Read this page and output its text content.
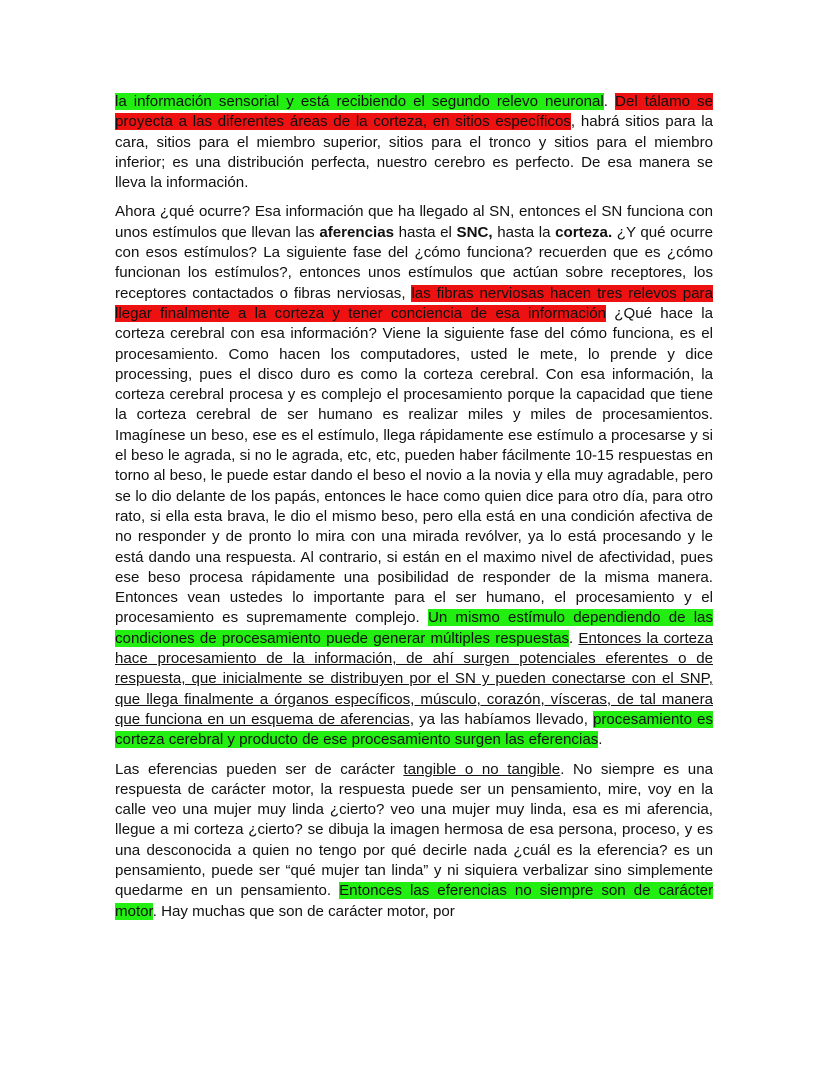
la información sensorial y está recibiendo el segundo relevo neuronal. Del tálamo se proyecta a las diferentes áreas de la corteza, en sitios específicos, habrá sitios para la cara, sitios para el miembro superior, sitios para el tronco y sitios para el miembro inferior; es una distribución perfecta, nuestro cerebro es perfecto. De esa manera se lleva la información.

Ahora ¿qué ocurre? Esa información que ha llegado al SN, entonces el SN funciona con unos estímulos que llevan las aferencias hasta el SNC, hasta la corteza. ¿Y qué ocurre con esos estímulos? La siguiente fase del ¿cómo funciona? recuerden que es ¿cómo funcionan los estímulos?, entonces unos estímulos que actúan sobre receptores, los receptores contactados o fibras nerviosas, las fibras nerviosas hacen tres relevos para llegar finalmente a la corteza y tener conciencia de esa información ¿Qué hace la corteza cerebral con esa información? Viene la siguiente fase del cómo funciona, es el procesamiento. Como hacen los computadores, usted le mete, lo prende y dice processing, pues el disco duro es como la corteza cerebral. Con esa información, la corteza cerebral procesa y es complejo el procesamiento porque la capacidad que tiene la corteza cerebral de ser humano es realizar miles y miles de procesamientos. Imagínese un beso, ese es el estímulo, llega rápidamente ese estímulo a procesarse y si el beso le agrada, si no le agrada, etc, etc, pueden haber fácilmente 10-15 respuestas en torno al beso, le puede estar dando el beso el novio a la novia y ella muy agradable, pero se lo dio delante de los papás, entonces le hace como quien dice para otro día, para otro rato, si ella esta brava, le dio el mismo beso, pero ella está en una condición afectiva de no responder y de pronto lo mira con una mirada revólver, ya lo está procesando y le está dando una respuesta. Al contrario, si están en el maximo nivel de afectividad, pues ese beso procesa rápidamente una posibilidad de responder de la misma manera. Entonces vean ustedes lo importante para el ser humano, el procesamiento y el procesamiento es supremamente complejo. Un mismo estímulo dependiendo de las condiciones de procesamiento puede generar múltiples respuestas. Entonces la corteza hace procesamiento de la información, de ahí surgen potenciales eferentes o de respuesta, que inicialmente se distribuyen por el SN y pueden conectarse con el SNP, que llega finalmente a órganos específicos, músculo, corazón, vísceras, de tal manera que funciona en un esquema de aferencias, ya las habíamos llevado, procesamiento es corteza cerebral y producto de ese procesamiento surgen las eferencias.

Las eferencias pueden ser de carácter tangible o no tangible. No siempre es una respuesta de carácter motor, la respuesta puede ser un pensamiento, mire, voy en la calle veo una mujer muy linda ¿cierto? veo una mujer muy linda, esa es mi aferencia, llegue a mi corteza ¿cierto? se dibuja la imagen hermosa de esa persona, proceso, y es una desconocida a quien no tengo por qué decirle nada ¿cuál es la eferencia? es un pensamiento, puede ser “qué mujer tan linda” y ni siquiera verbalizar sino simplemente quedarme en un pensamiento. Entonces las eferencias no siempre son de carácter motor. Hay muchas que son de carácter motor, por
